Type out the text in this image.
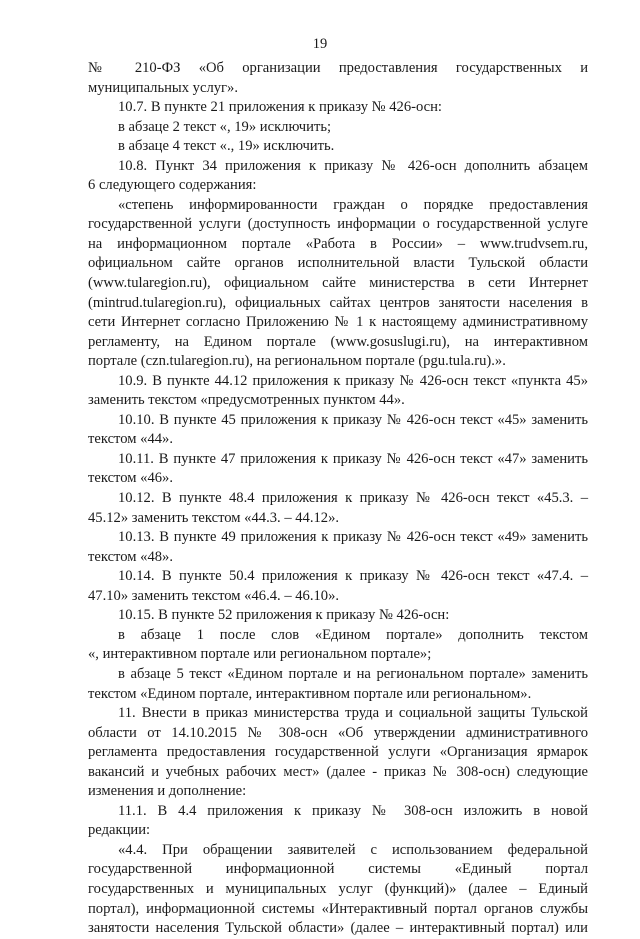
19
№ 210-ФЗ «Об организации предоставления государственных и
муниципальных услуг».
10.7. В пункте 21 приложения к приказу № 426-осн:
в абзаце 2 текст «, 19» исключить;
в абзаце 4 текст «., 19» исключить.
10.8. Пункт 34 приложения к приказу № 426-осн дополнить абзацем
6 следующего содержания:
«степень информированности граждан о порядке предоставления
государственной услуги (доступность информации о государственной услуге
на информационном портале «Работа в России» – www.trudvsem.ru,
официальном сайте органов исполнительной власти Тульской области
(www.tularegion.ru), официальном сайте министерства в сети Интернет
(mintrud.tularegion.ru), официальных сайтах центров занятости населения в
сети Интернет согласно Приложению № 1 к настоящему административному
регламенту, на Едином портале (www.gosuslugi.ru), на интерактивном
портале (czn.tularegion.ru), на региональном портале (pgu.tula.ru).».
10.9. В пункте 44.12 приложения к приказу № 426-осн текст «пункта 45»
заменить текстом «предусмотренных пунктом 44».
10.10. В пункте 45 приложения к приказу № 426-осн текст «45» заменить
текстом «44».
10.11. В пункте 47 приложения к приказу № 426-осн текст «47» заменить
текстом «46».
10.12. В пункте 48.4 приложения к приказу № 426-осн текст «45.3. –
45.12» заменить текстом «44.3. – 44.12».
10.13. В пункте 49 приложения к приказу № 426-осн текст «49» заменить
текстом «48».
10.14. В пункте 50.4 приложения к приказу № 426-осн текст «47.4. –
47.10» заменить текстом «46.4. – 46.10».
10.15. В пункте 52 приложения к приказу № 426-осн:
в абзаце 1 после слов «Едином портале» дополнить текстом
«, интерактивном портале или региональном портале»;
в абзаце 5 текст «Едином портале и на региональном портале» заменить
текстом «Едином портале, интерактивном портале или региональном».
11. Внести в приказ министерства труда и социальной защиты Тульской
области от 14.10.2015 № 308-осн «Об утверждении административного
регламента предоставления государственной услуги «Организация ярмарок
вакансий и учебных рабочих мест» (далее - приказ № 308-осн) следующие
изменения и дополнение:
11.1. В 4.4 приложения к приказу № 308-осн изложить в новой
редакции:
«4.4. При обращении заявителей с использованием федеральной
государственной информационной системы «Единый портал
государственных и муниципальных услуг (функций)» (далее – Единый
портал), информационной системы «Интерактивный портал органов службы
занятости населения Тульской области» (далее – интерактивный портал) или
